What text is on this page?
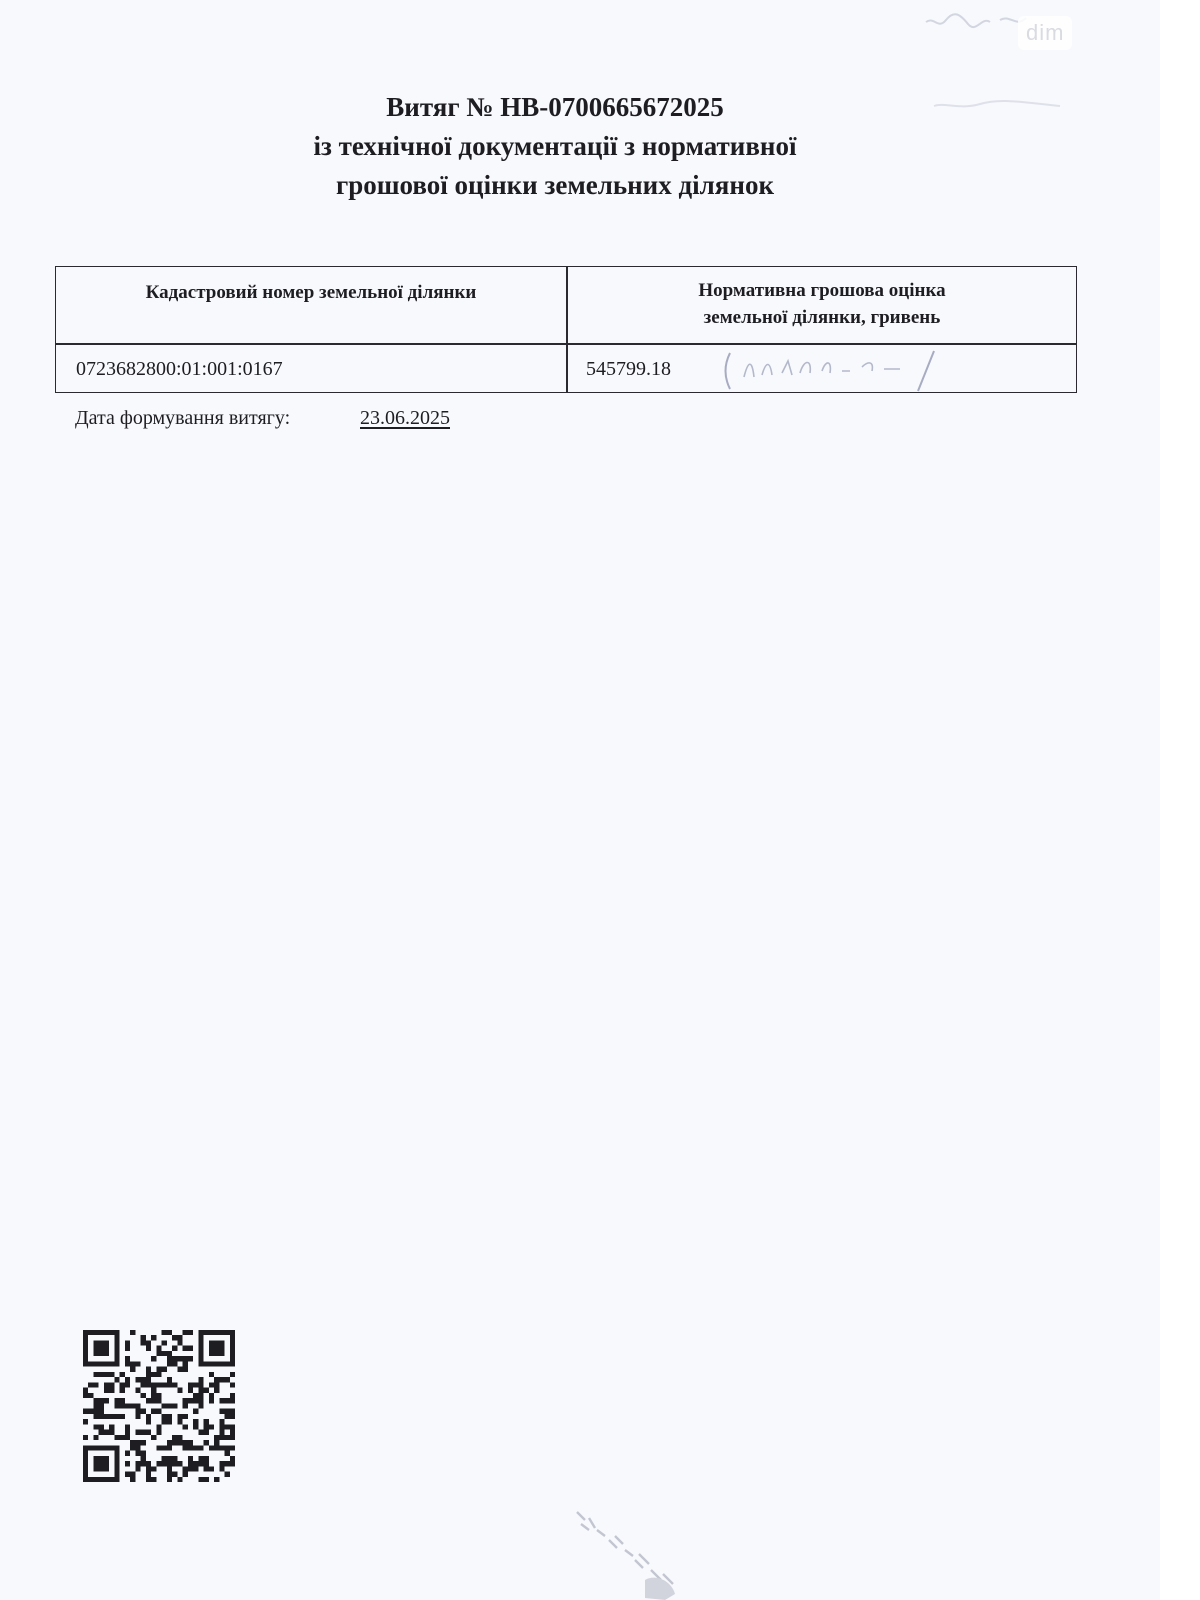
dim
Витяг № НВ-0700665672025
із технічної документації з нормативної
грошової оцінки земельних ділянок
Кадастровий номер земельної ділянки	Нормативна грошова оцінка
земельної ділянки, гривень
0723682800:01:001:0167	545799.18
Дата формування витягу:	23.06.2025
